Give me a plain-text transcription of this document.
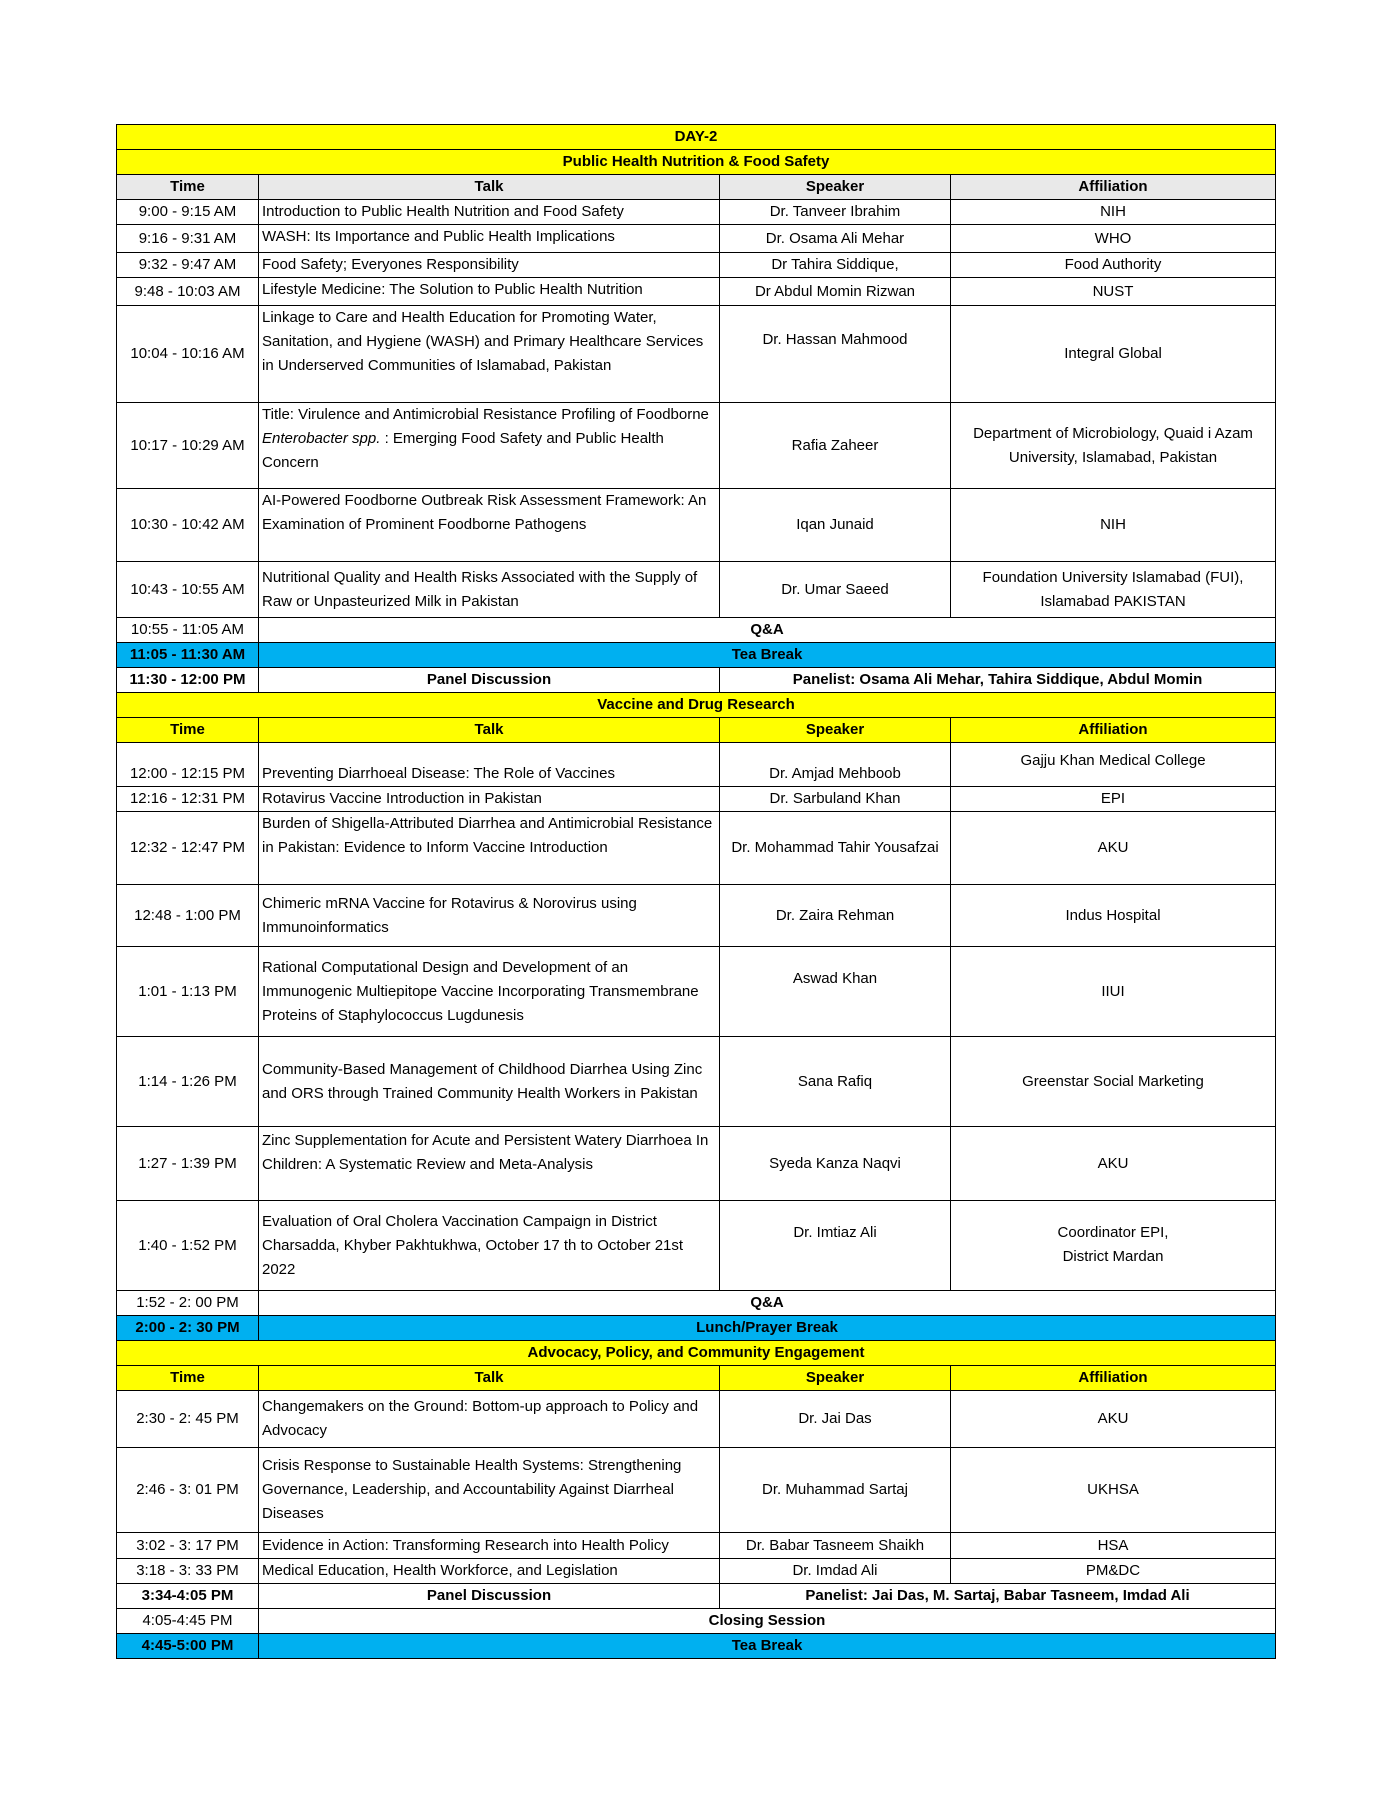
DAY-2			
Public Health Nutrition & Food Safety			
Time	Talk	Speaker	Affiliation
9:00 - 9:15 AM	Introduction to Public Health Nutrition and Food Safety	Dr. Tanveer Ibrahim	NIH
9:16 - 9:31 AM	WASH: Its Importance and Public Health Implications	Dr. Osama Ali Mehar	WHO
9:32 - 9:47 AM	Food Safety; Everyones Responsibility	Dr Tahira Siddique,	Food Authority
9:48 - 10:03 AM	Lifestyle Medicine: The Solution to Public Health Nutrition	Dr Abdul Momin Rizwan	NUST
10:04 - 10:16 AM	Linkage to Care and Health Education for Promoting Water, Sanitation, and Hygiene (WASH) and Primary Healthcare Services in Underserved Communities of Islamabad, Pakistan	Dr. Hassan Mahmood	Integral Global
10:17 - 10:29 AM	Title: Virulence and Antimicrobial Resistance Profiling of Foodborne Enterobacter spp. : Emerging Food Safety and Public Health Concern	Rafia Zaheer	Department of Microbiology, Quaid i Azam University, Islamabad, Pakistan
10:30 - 10:42 AM	AI-Powered Foodborne Outbreak Risk Assessment Framework: An Examination of Prominent Foodborne Pathogens	Iqan Junaid	NIH
10:43 - 10:55 AM	Nutritional Quality and Health Risks Associated with the Supply of Raw or Unpasteurized Milk in Pakistan	Dr. Umar Saeed	Foundation University Islamabad (FUI), Islamabad PAKISTAN
10:55 - 11:05 AM	Q&A		
11:05 - 11:30 AM	Tea Break		
11:30 - 12:00 PM	Panel Discussion	Panelist: Osama Ali Mehar, Tahira Siddique, Abdul Momin	
Vaccine and Drug Research			
Time	Talk	Speaker	Affiliation
12:00 - 12:15 PM	Preventing Diarrhoeal Disease: The Role of Vaccines	Dr. Amjad Mehboob	Gajju Khan Medical College
12:16 - 12:31 PM	Rotavirus Vaccine Introduction in Pakistan	Dr. Sarbuland Khan	EPI
12:32 - 12:47 PM	Burden of Shigella-Attributed Diarrhea and Antimicrobial Resistance in Pakistan: Evidence to Inform Vaccine Introduction	Dr. Mohammad Tahir Yousafzai	AKU
12:48 - 1:00 PM	Chimeric mRNA Vaccine for Rotavirus & Norovirus using Immunoinformatics	Dr. Zaira Rehman	Indus Hospital
1:01 - 1:13 PM	Rational Computational Design and Development of an Immunogenic Multiepitope Vaccine Incorporating Transmembrane Proteins of Staphylococcus Lugdunesis	Aswad Khan	IIUI
1:14 - 1:26 PM	Community-Based Management of Childhood Diarrhea Using Zinc and ORS through Trained Community Health Workers in Pakistan	Sana Rafiq	Greenstar Social Marketing
1:27 - 1:39 PM	Zinc Supplementation for Acute and Persistent Watery Diarrhoea In Children: A Systematic Review and Meta-Analysis	Syeda Kanza Naqvi	AKU
1:40 - 1:52 PM	Evaluation of Oral Cholera Vaccination Campaign in District Charsadda, Khyber Pakhtukhwa, October 17 th to October 21st 2022	Dr. Imtiaz Ali	Coordinator EPI, District Mardan

1:52 - 2: 00 PM	Q&A		
2:00 - 2: 30 PM	Lunch/Prayer Break		
Advocacy, Policy, and Community Engagement			
Time	Talk	Speaker	Affiliation
2:30 - 2: 45 PM	Changemakers on the Ground: Bottom-up approach to Policy and Advocacy	Dr. Jai Das	AKU
2:46 - 3: 01 PM	Crisis Response to Sustainable Health Systems: Strengthening Governance, Leadership, and Accountability Against Diarrheal Diseases	Dr. Muhammad Sartaj	UKHSA
3:02 - 3: 17 PM	Evidence in Action: Transforming Research into Health Policy	Dr. Babar Tasneem Shaikh	HSA
3:18 - 3: 33 PM	Medical Education, Health Workforce, and Legislation	Dr. Imdad Ali	PM&DC
3:34-4:05 PM	Panel Discussion	Panelist: Jai Das, M. Sartaj, Babar Tasneem, Imdad Ali	
4:05-4:45 PM	Closing Session		
4:45-5:00 PM	Tea Break		
